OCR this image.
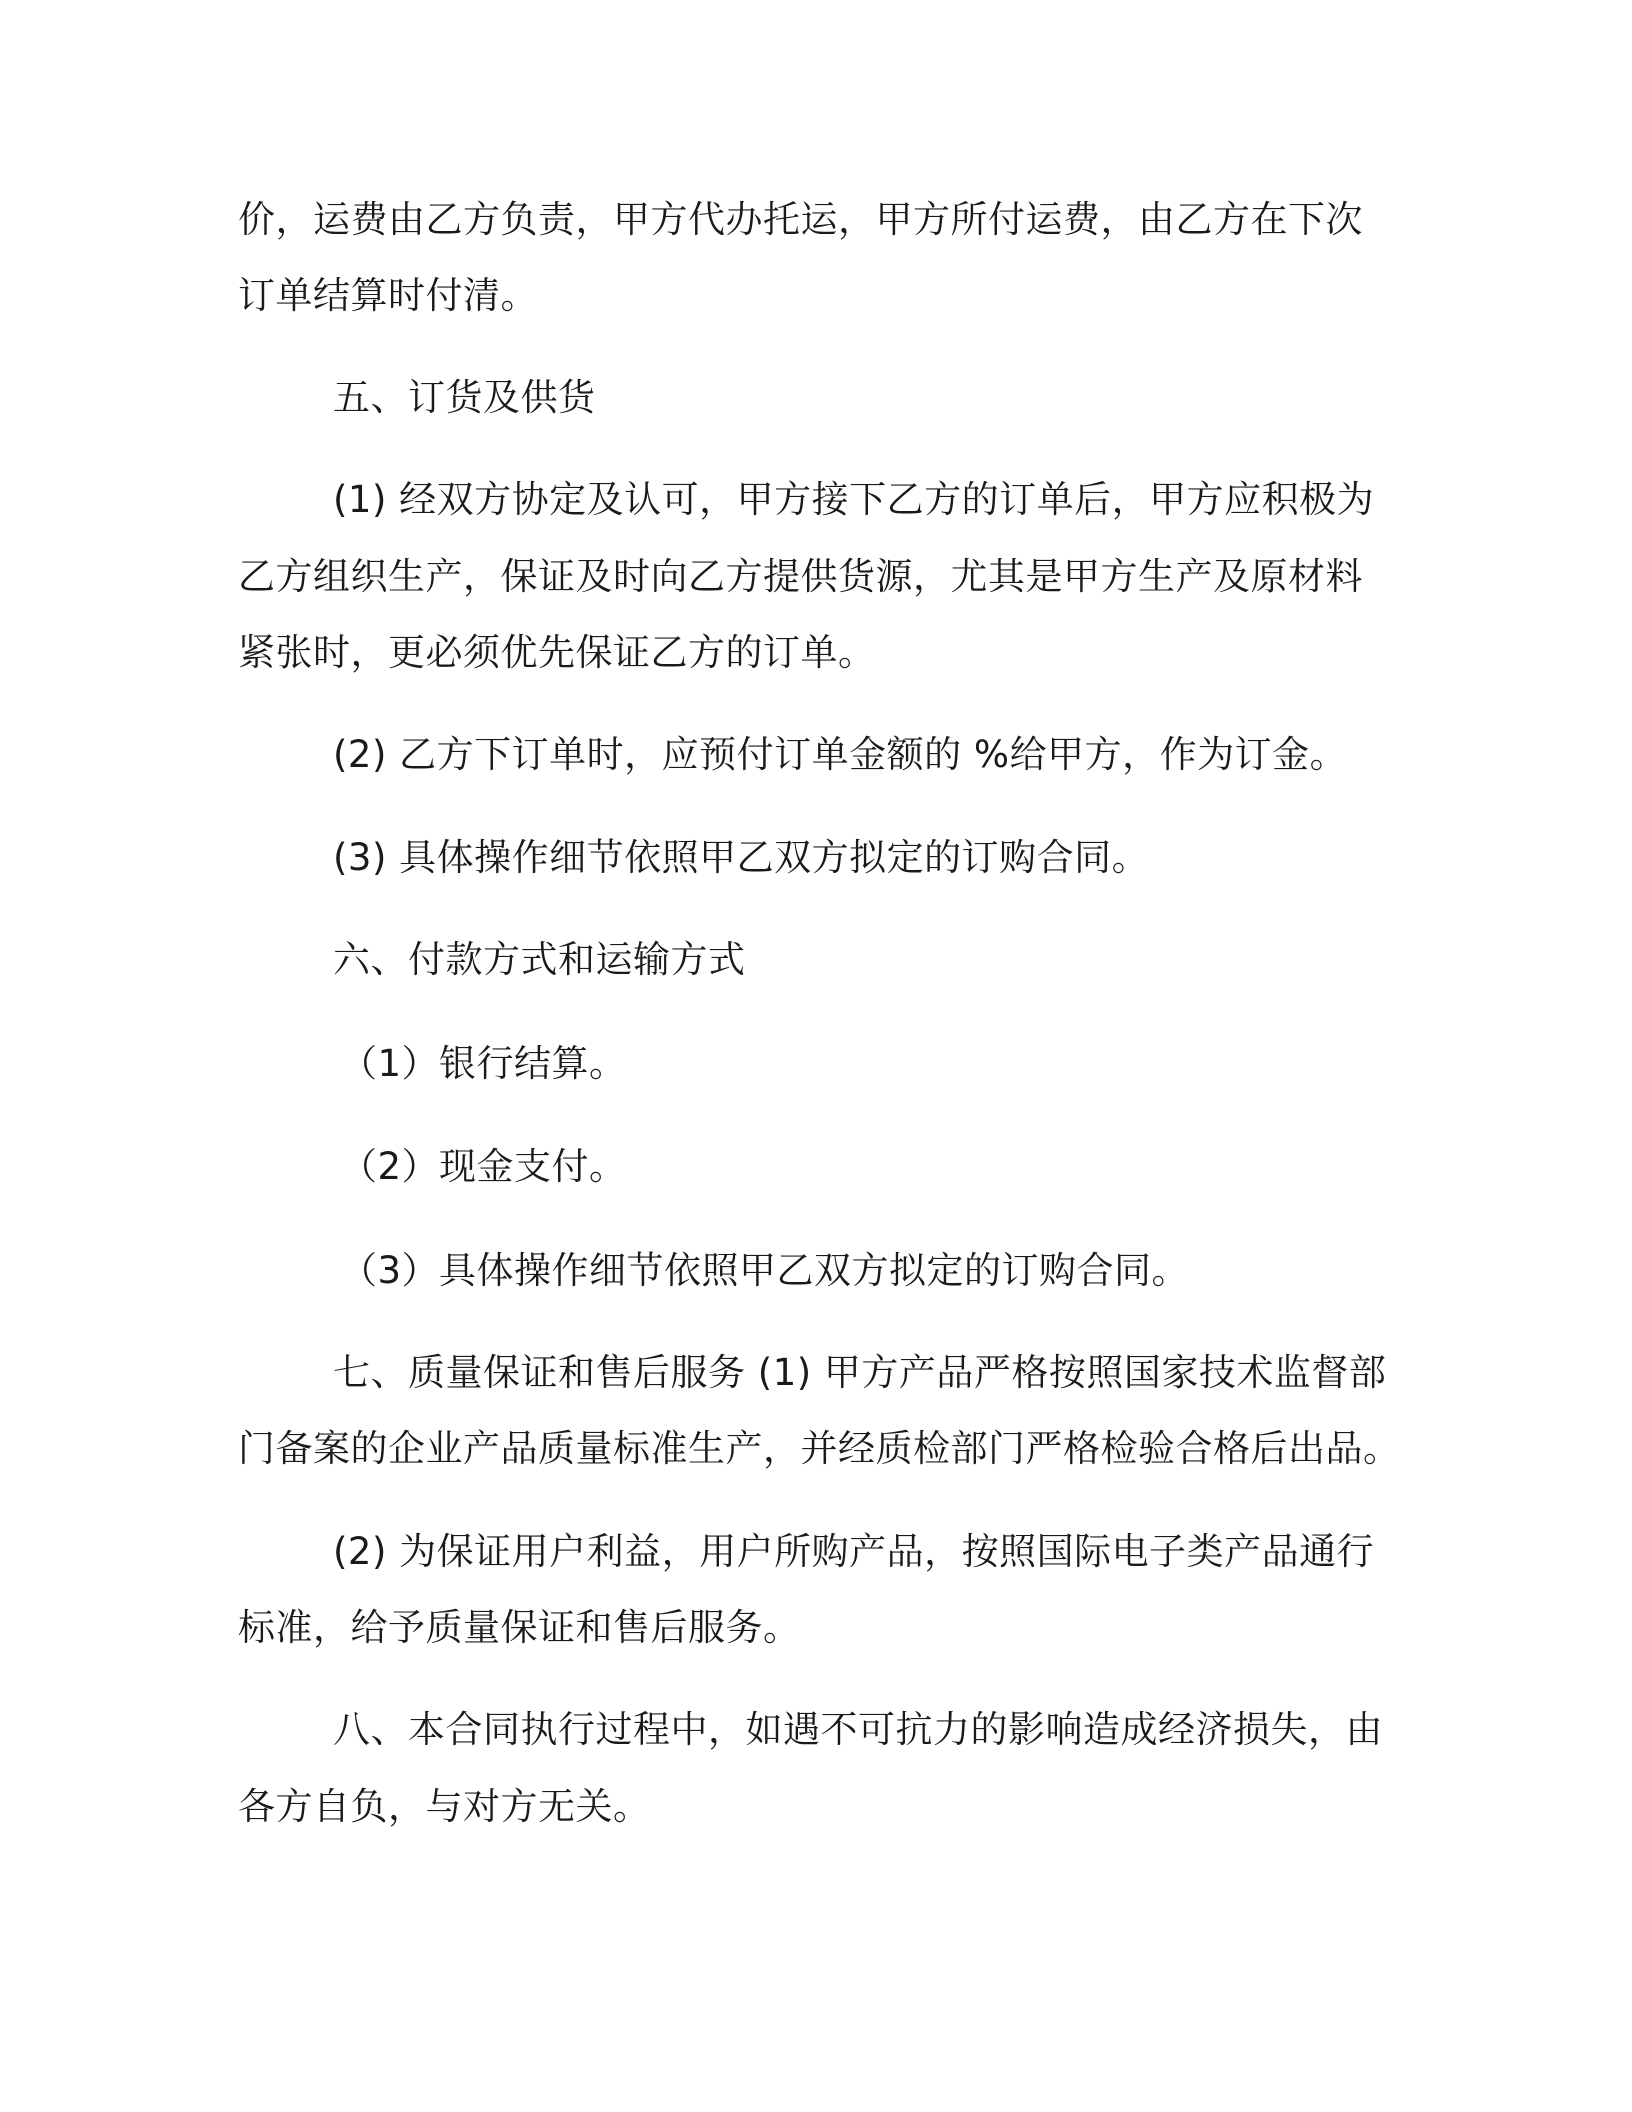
价，运费由乙方负责，甲方代办托运，甲方所付运费，由乙方在下次
订单结算时付清。
五、订货及供货
(1) 经双方协定及认可，甲方接下乙方的订单后，甲方应积极为
乙方组织生产，保证及时向乙方提供货源，尤其是甲方生产及原材料
紧张时，更必须优先保证乙方的订单。
(2) 乙方下订单时，应预付订单金额的 %给甲方，作为订金。
(3) 具体操作细节依照甲乙双方拟定的订购合同。
六、付款方式和运输方式
（1）银行结算。
（2）现金支付。
（3）具体操作细节依照甲乙双方拟定的订购合同。
七、质量保证和售后服务 (1) 甲方产品严格按照国家技术监督部
门备案的企业产品质量标准生产，并经质检部门严格检验合格后出品。
(2) 为保证用户利益，用户所购产品，按照国际电子类产品通行
标准，给予质量保证和售后服务。
八、本合同执行过程中，如遇不可抗力的影响造成经济损失，由
各方自负，与对方无关。
